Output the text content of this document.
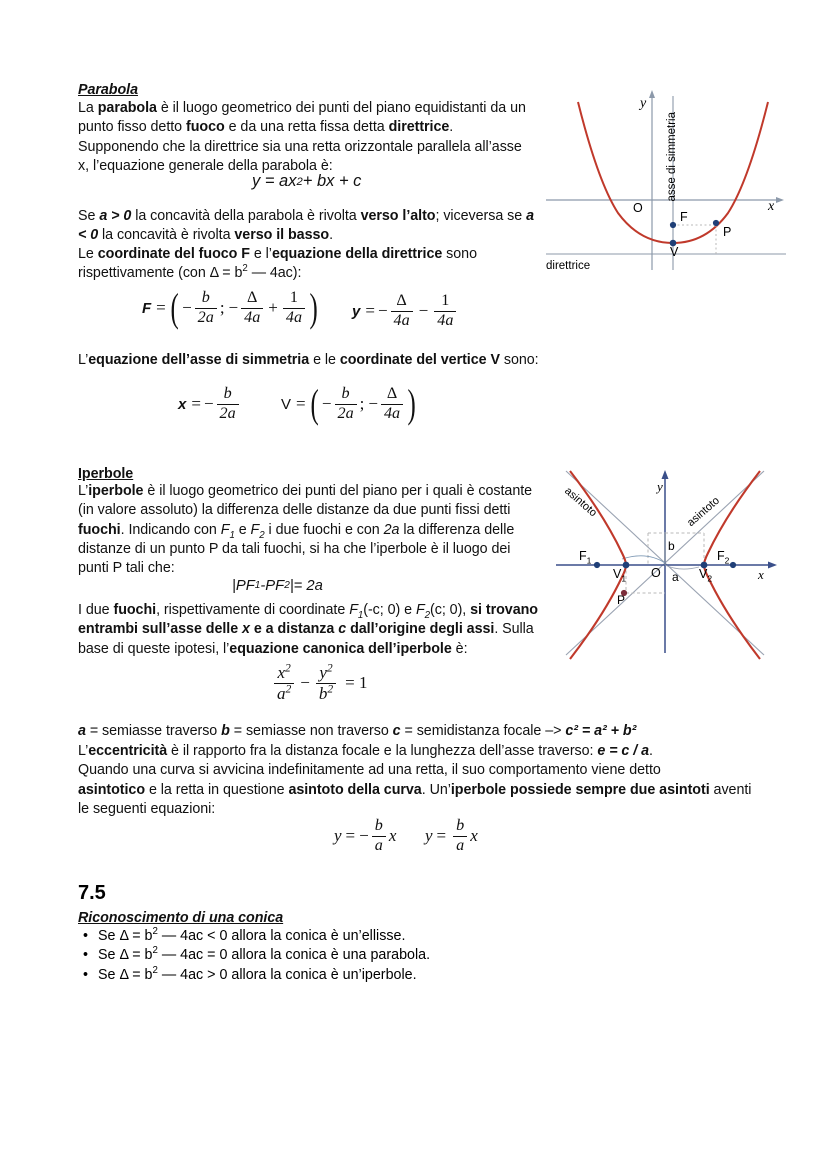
Parabola
La parabola è il luogo geometrico dei punti del piano equidistanti da un punto fisso detto fuoco e da una retta fissa detta direttrice. Supponendo che la direttrice sia una retta orizzontale parallela all’asse x, l’equazione generale della parabola è:
y = ax 2 + bx + c
Se a > 0 la concavità della parabola è rivolta verso l’alto; viceversa se a < 0 la concavità è rivolta verso il basso.
Le coordinate del fuoco F e l’equazione della direttrice sono rispettivamente (con $\Delta = b^2$ — 4ac):
F = ( − $\frac{b}{2a}$ ; − $\frac{\Delta}{4a} + \frac{1}{4a}$ ) y = − $\frac{\Delta}{4a} - \frac{1}{4a}$
L’equazione dell’asse di simmetria e le coordinate del vertice V sono:
x = − $\frac{b}{2a}$	V = ( − $\frac{b}{2a}$ ; − $\frac{\Delta}{4a}$ )
y
x
O
F
P
V
asse di simmetria
direttrice
Iperbole
L’iperbole è il luogo geometrico dei punti del piano per i quali è costante (in valore assoluto) la differenza delle distanze da due punti fissi detti fuochi. Indicando con $F_1$ e $F_2$ i due fuochi e con 2a la differenza delle distanze di un punto P da tali fuochi, si ha che l’iperbole è il luogo dei punti P tali che:
| PF 1 - PF 2 | = 2a
I due fuochi, rispettivamente di coordinate $F_1(-c$; 0) e $F_2(c$; 0), si trovano entrambi sull’asse delle x e a distanza c dall’origine degli assi. Sulla base di queste ipotesi, l’equazione canonica dell’iperbole è:
$\frac{x^2}{a^2} - \frac{y^2}{b^2} = 1$
a = semiasse traverso b = semiasse non traverso c = semidistanza focale –> c² = a² + b²
L’eccentricità è il rapporto fra la distanza focale e la lunghezza dell’asse traverso: e = c / a.
Quando una curva si avvicina indefinitamente ad una retta, il suo comportamento viene detto
asintotico e la retta in questione asintoto della curva. Un’iperbole possiede sempre due asintoti aventi le seguenti equazioni:
y = − $\frac{b}{a}$ x $y = \frac{b}{a}$ x
y
x
O
$F_1$	$F_2$
$V_1$	$V_2$
P
a
b
asintoto	asintoto
7.5
Riconoscimento di una conica
• Se $\Delta = b^2$ — 4ac < 0 allora la conica è un’ellisse.
• Se $\Delta = b^2$ — 4ac = 0 allora la conica è una parabola.
• Se $\Delta = b^2$ — 4ac > 0 allora la conica è un’iperbole.
